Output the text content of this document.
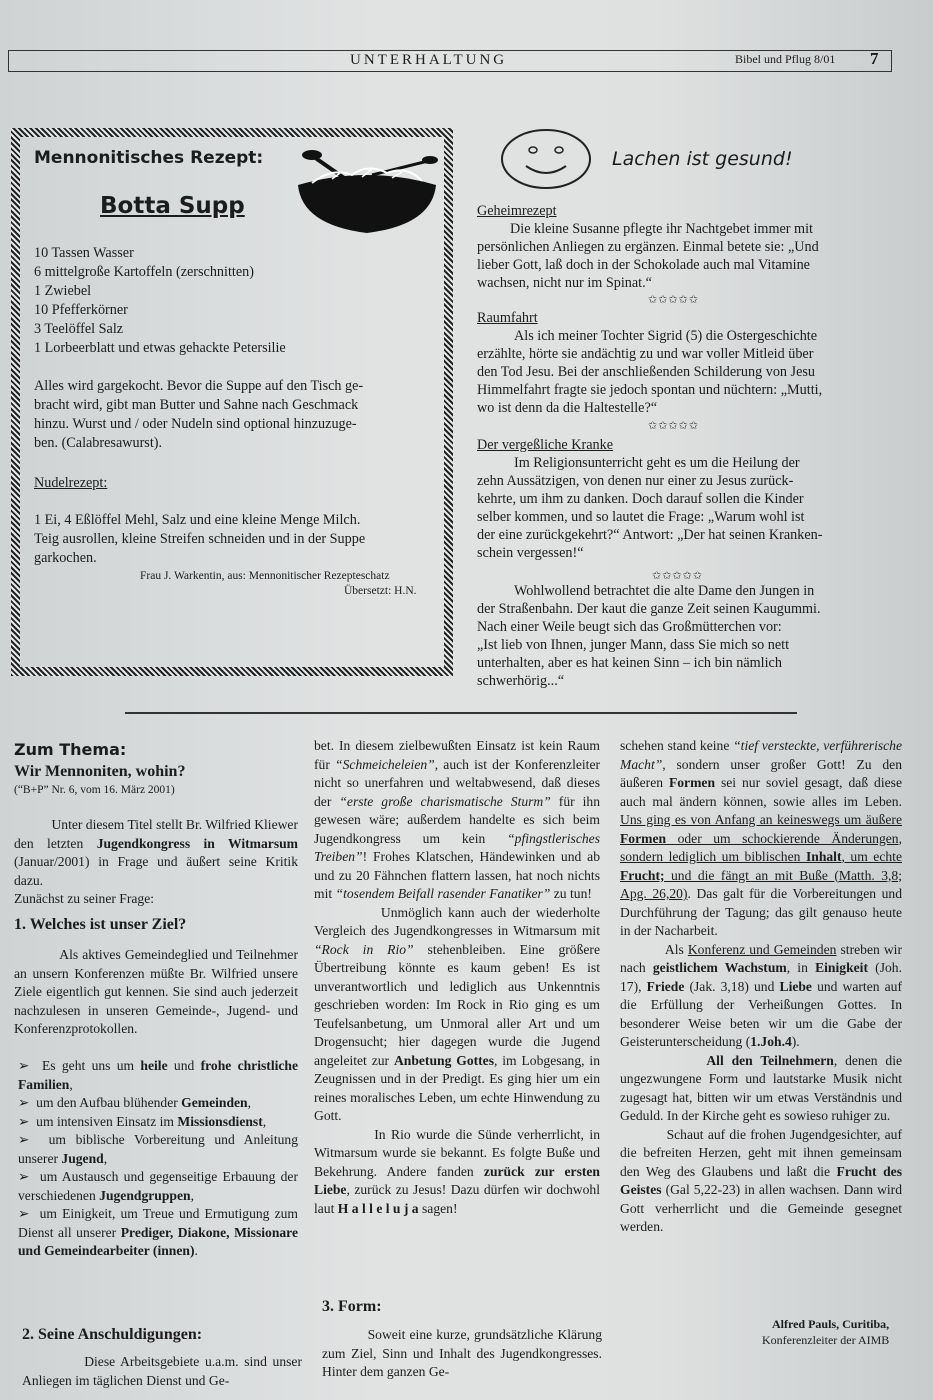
UNTERHALTUNG	Bibel und Pflug 8/01 7
Mennonitisches Rezept:
Botta Supp
10 Tassen Wasser
6 mittelgroße Kartoffeln (zerschnitten)
1 Zwiebel
10 Pfefferkörner
3 Teelöffel Salz
1 Lorbeerblatt und etwas gehackte Petersilie
Alles wird gargekocht. Bevor die Suppe auf den Tisch ge-
bracht wird, gibt man Butter und Sahne nach Geschmack
hinzu. Wurst und / oder Nudeln sind optional hinzuzuge-
ben. (Calabresawurst).
Nudelrezept:
1 Ei, 4 Eßlöffel Mehl, Salz und eine kleine Menge Milch.
Teig ausrollen, kleine Streifen schneiden und in der Suppe
garkochen.
Frau J. Warkentin, aus: Mennonitischer Rezepteschatz
Übersetzt: H.N.
Lachen ist gesund!
Geheimrezept
Die kleine Susanne pflegte ihr Nachtgebet immer mit
persönlichen Anliegen zu ergänzen. Einmal betete sie: „Und
lieber Gott, laß doch in der Schokolade auch mal Vitamine
wachsen, nicht nur im Spinat.“
✩✩✩✩✩
Raumfahrt
Als ich meiner Tochter Sigrid (5) die Ostergeschichte
erzählte, hörte sie andächtig zu und war voller Mitleid über
den Tod Jesu. Bei der anschließenden Schilderung von Jesu
Himmelfahrt fragte sie jedoch spontan und nüchtern: „Mutti,
wo ist denn da die Haltestelle?“
✩✩✩✩✩
Der vergeßliche Kranke
Im Religionsunterricht geht es um die Heilung der
zehn Aussätzigen, von denen nur einer zu Jesus zurück-
kehrte, um ihm zu danken. Doch darauf sollen die Kinder
selber kommen, und so lautet die Frage: „Warum wohl ist
der eine zurückgekehrt?“ Antwort: „Der hat seinen Kranken-
schein vergessen!“
✩✩✩✩✩
Wohlwollend betrachtet die alte Dame den Jungen in
der Straßenbahn. Der kaut die ganze Zeit seinen Kaugummi.
Nach einer Weile beugt sich das Großmütterchen vor:
„Ist lieb von Ihnen, junger Mann, dass Sie mich so nett
unterhalten, aber es hat keinen Sinn – ich bin nämlich
schwerhörig...“
Zum Thema:
Wir Mennoniten, wohin?
(“B+P” Nr. 6, vom 16. März 2001)

Unter diesem Titel stellt Br. Wilfried Kliewer den letzten Jugendkongress in Witmarsum (Januar/2001) in Frage und äußert seine Kritik dazu.

Zunächst zu seiner Frage:

1. Welches ist unser Ziel?

Als aktives Gemeindeglied und Teilnehmer an unsern Konferenzen müßte Br. Wilfried unsere Ziele eigentlich gut kennen. Sie sind auch jederzeit nachzulesen in unseren Gemeinde-, Jugend- und Konferenzprotokollen.

➢  Es geht uns um heile und frohe christliche Familien,

➢  um den Aufbau blühender Gemeinden,

➢  um intensiven Einsatz im Missionsdienst,

➢  um biblische Vorbereitung und Anleitung unserer Jugend,

➢  um Austausch und gegenseitige Erbauung der verschiedenen Jugendgruppen,

➢  um Einigkeit, um Treue und Ermutigung zum Dienst all unserer Prediger, Diakone, Missionare und Gemeindearbeiter (innen).

2. Seine Anschuldigungen:

Diese Arbeitsgebiete u.a.m. sind unser Anliegen im täglichen Dienst und Ge-

bet. In diesem zielbewußten Einsatz ist kein Raum für “Schmeicheleien”, auch ist der Konferenzleiter nicht so unerfahren und weltabwesend, daß dieses der “erste große charismatische Sturm” für ihn gewesen wäre; außerdem handelte es sich beim Jugendkongress um kein “pfingstlerisches Treiben”! Frohes Klatschen, Händewinken und ab und zu 20 Fähnchen flattern lassen, hat noch nichts mit “tosendem Beifall rasender Fanatiker” zu tun!

Unmöglich kann auch der wiederholte Vergleich des Jugendkongresses in Witmarsum mit “Rock in Rio” stehenbleiben. Eine größere Übertreibung könnte es kaum geben! Es ist unverantwortlich und lediglich aus Unkenntnis geschrieben worden: Im Rock in Rio ging es um Teufelsanbetung, um Unmoral aller Art und um Drogensucht; hier dagegen wurde die Jugend angeleitet zur Anbetung Gottes, im Lobgesang, in Zeugnissen und in der Predigt. Es ging hier um ein reines moralisches Leben, um echte Hinwendung zu Gott.

In Rio wurde die Sünde verherrlicht, in Witmarsum wurde sie bekannt. Es folgte Buße und Bekehrung. Andere fanden zurück zur ersten Liebe, zurück zu Jesus! Dazu dürfen wir dochwohl laut H a l l e l u j a sagen!

3. Form:

Soweit eine kurze, grundsätzliche Klärung zum Ziel, Sinn und Inhalt des Jugendkongresses. Hinter dem ganzen Ge-

schehen stand keine “tief versteckte, verführerische Macht”, sondern unser großer Gott! Zu den äußeren Formen sei nur soviel gesagt, daß diese auch mal ändern können, sowie alles im Leben. Uns ging es von Anfang an keineswegs um äußere Formen oder um schockierende Änderungen, sondern lediglich um biblischen Inhalt, um echte Frucht; und die fängt an mit Buße (Matth. 3,8; Apg. 26,20). Das galt für die Vorbereitungen und Durchführung der Tagung; das gilt genauso heute in der Nacharbeit.

Als Konferenz und Gemeinden streben wir nach geistlichem Wachstum, in Einigkeit (Joh. 17), Friede (Jak. 3,18) und Liebe und warten auf die Erfüllung der Verheißungen Gottes. In besonderer Weise beten wir um die Gabe der Geisterunterscheidung (1.Joh.4).

All den Teilnehmern, denen die ungezwungene Form und lautstarke Musik nicht zugesagt hat, bitten wir um etwas Verständnis und Geduld. In der Kirche geht es sowieso ruhiger zu.

Schaut auf die frohen Jugendgesichter, auf die befreiten Herzen, geht mit ihnen gemeinsam den Weg des Glaubens und laßt die Frucht des Geistes (Gal 5,22-23) in allen wachsen. Dann wird Gott verherrlicht und die Gemeinde gesegnet werden.

Alfred Pauls, Curitiba,
Konferenzleiter der AIMB
